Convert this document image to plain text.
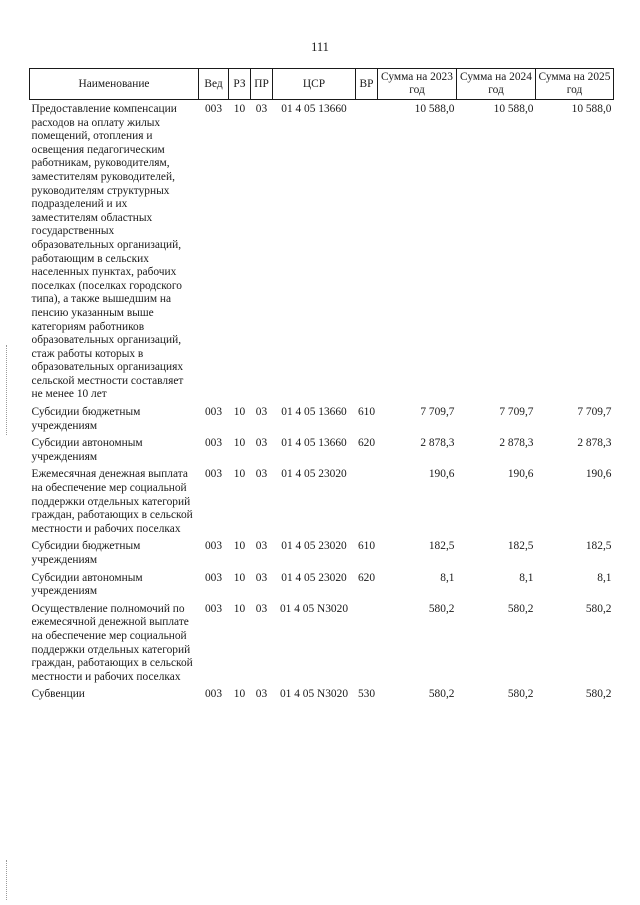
111
Наименование	Вед	РЗ	ПР	ЦСР	ВР	Сумма на 2023 год	Сумма на 2024 год	Сумма на 2025 год
Предоставление компенсации расходов на оплату жилых помещений, отопления и освещения педагогическим работникам, руководителям, заместителям руководителей, руководителям структурных подразделений и их заместителям областных государственных образовательных организаций, работающим в сельских населенных пунктах, рабочих поселках (поселках городского типа), а также вышедшим на пенсию указанным выше категориям работников образовательных организаций, стаж работы которых в образовательных организациях сельской местности составляет не менее 10 лет	003	10	03	01 4 05 13660		10 588,0	10 588,0	10 588,0
Субсидии бюджетным учреждениям	003	10	03	01 4 05 13660	610	7 709,7	7 709,7	7 709,7
Субсидии автономным учреждениям	003	10	03	01 4 05 13660	620	2 878,3	2 878,3	2 878,3
Ежемесячная денежная выплата на обеспечение мер социальной поддержки отдельных категорий граждан, работающих в сельской местности и рабочих поселках	003	10	03	01 4 05 23020		190,6	190,6	190,6
Субсидии бюджетным учреждениям	003	10	03	01 4 05 23020	610	182,5	182,5	182,5
Субсидии автономным учреждениям	003	10	03	01 4 05 23020	620	8,1	8,1	8,1
Осуществление полномочий по ежемесячной денежной выплате на обеспечение мер социальной поддержки отдельных категорий граждан, работающих в сельской местности и рабочих поселках	003	10	03	01 4 05 N3020		580,2	580,2	580,2
Субвенции	003	10	03	01 4 05 N3020	530	580,2	580,2	580,2
